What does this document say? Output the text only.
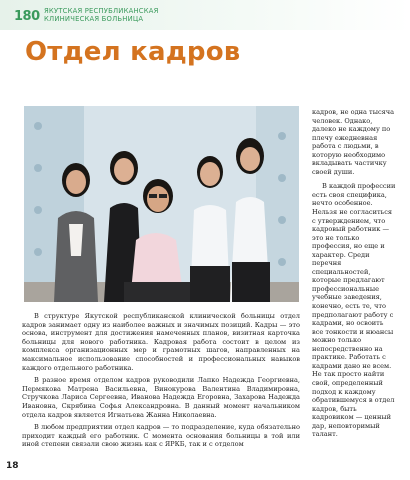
180 ЯКУТСКАЯ РЕСПУБЛИКАНСКАЯ
КЛИНИЧЕСКАЯ БОЛЬНИЦА
Отдел кадров

В структуре Якутской республиканской клинической больницы отдел кадров занимает одну из наиболее важных и значимых позиций. Кадры — это основа, инструмент для достижения намеченных планов, визитная карточка больницы для нового работника. Кадровая работа состоит в целом из комплекса организационных мер и грамотных шагов, направленных на максимальное использование способностей и профессиональных навыков каждого отдельного работника.

В разное время отделом кадров руководили Лапко Надежда Георгиевна, Пермякова Матрена Васильевна, Винокурова Валентина Владимировна, Стручкова Лариса Сергеевна, Иванова Надежда Егоровна, Захарова Надежда Ивановна, Скрябина Софья Александровна. В данный момент начальником отдела кадров является Игнатьева Жанна Николаевна.

В любом предприятии отдел кадров — то подразделение, куда обязательно приходит каждый его работник. С момента основания больницы в той или иной степени связали свою жизнь как с ЯРКБ, так и с отделом

кадров, не одна тысяча человек. Однако, далеко не каждому по плечу ежедневная работа с людьми, в которую необходимо вкладывать частичку своей души.

В каждой профессии есть своя специфика, нечто особенное. Нельзя не согласиться с утверждением, что кадровый работник — это не только профессия, но еще и характер. Среди перечня специальностей, которые предлагают профессиональные учебные заведения, конечно, есть те, что предполагают работу с кадрами, но освоить все тонкости и нюансы можно только непосредственно на практике. Работать с кадрами дано не всем. Не так просто найти свой, определенный подход к каждому обратившемуся в отдел кадров, быть кадровиком — ценный дар, неповторимый талант.

18
